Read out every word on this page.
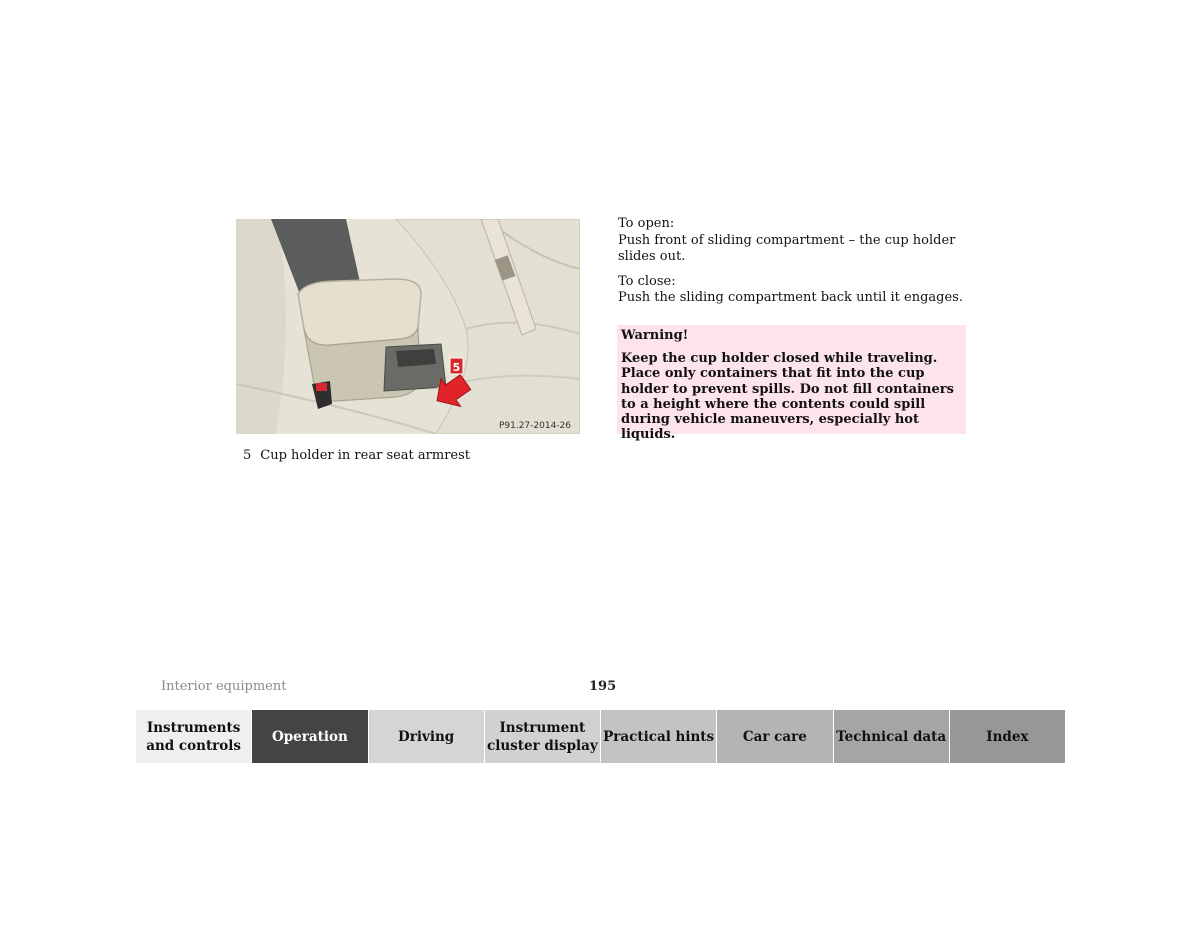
5
P91.27-2014-26
5 Cup holder in rear seat armrest

To open:

Push front of sliding compartment – the cup holder slides out.

To close:

Push the sliding compartment back until it engages.

Warning!
Keep the cup holder closed while traveling. Place only containers that fit into the cup holder to prevent spills. Do not fill containers to a height where the contents could spill during vehicle maneuvers, especially hot liquids.
Interior equipment	195
Instruments and controls
Operation	Driving
Instrument cluster display
Practical hints	Car care	Technical data	Index
